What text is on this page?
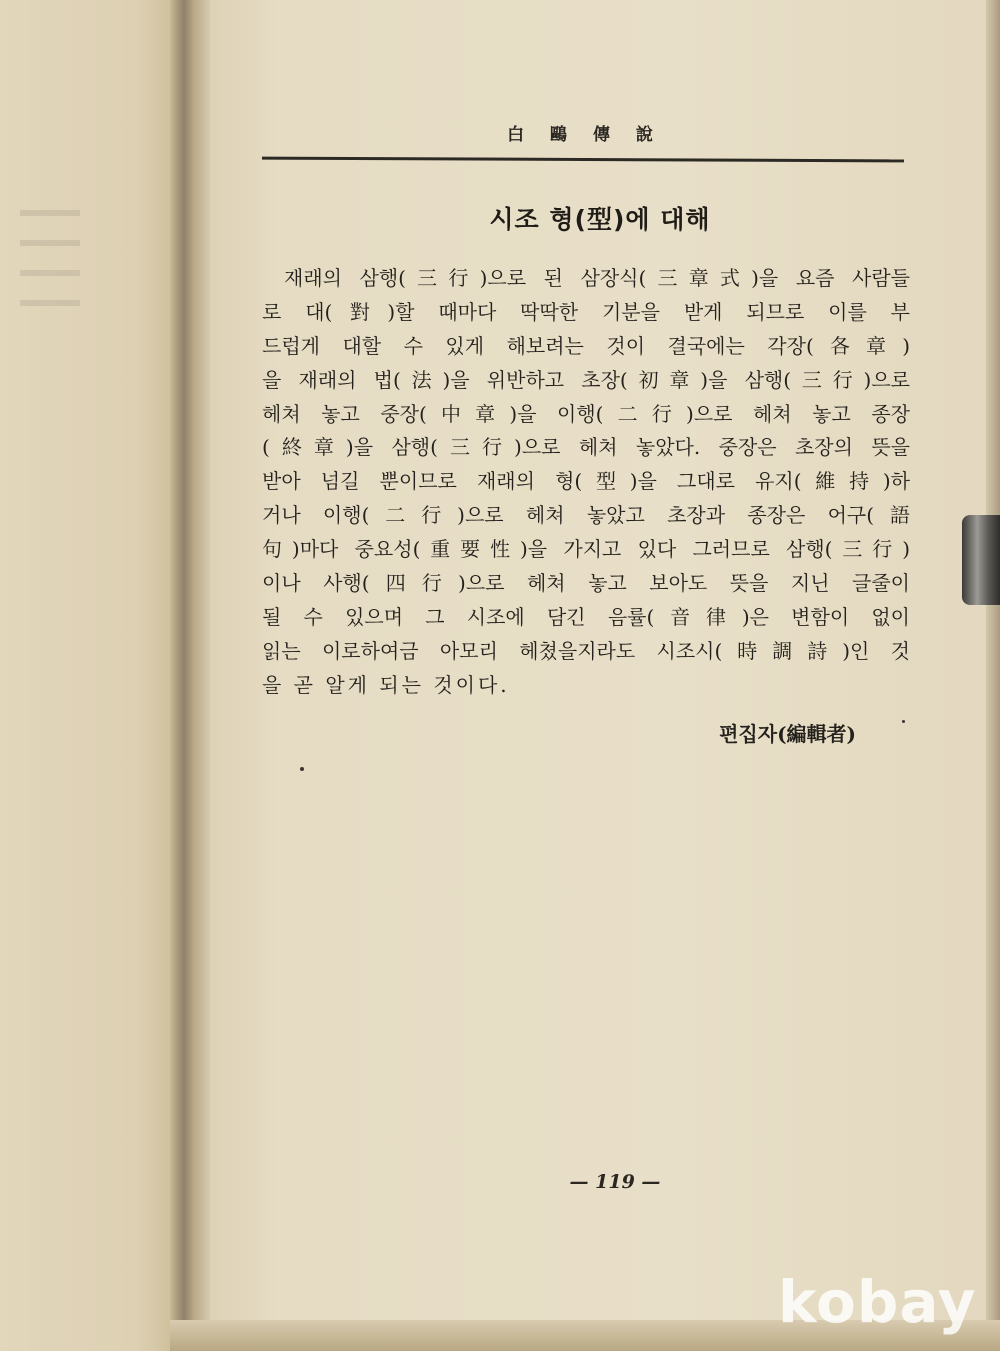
白 鷗 傳 說
시조 형(型)에 대해
재래의 삼행(三行)으로 된 삼장식(三章式)을 요즘 사람들
로 대(對)할 때마다 딱딱한 기분을 받게 되므로 이를 부
드럽게 대할 수 있게 해보려는 것이 결국에는 각장(各章)
을 재래의 법(法)을 위반하고 초장(初章)을 삼행(三行)으로
헤쳐 놓고 중장(中章)을 이행(二行)으로 헤쳐 놓고 종장
(終章)을 삼행(三行)으로 헤쳐 놓았다. 중장은 초장의 뜻을
받아 넘길 뿐이므로 재래의 형(型)을 그대로 유지(維持)하
거나 이행(二行)으로 헤쳐 놓았고 초장과 종장은 어구(語
句)마다 중요성(重要性)을 가지고 있다 그러므로 삼행(三行)
이나 사행(四行)으로 헤쳐 놓고 보아도 뜻을 지닌 글줄이
될 수 있으며 그 시조에 담긴 음률(音律)은 변함이 없이
읽는 이로하여금 아모리 헤쳤을지라도 시조시(時調詩)인 것
을 곧 알게 되는 것이다.
편집자(編輯者)
— 119 —
kobay
